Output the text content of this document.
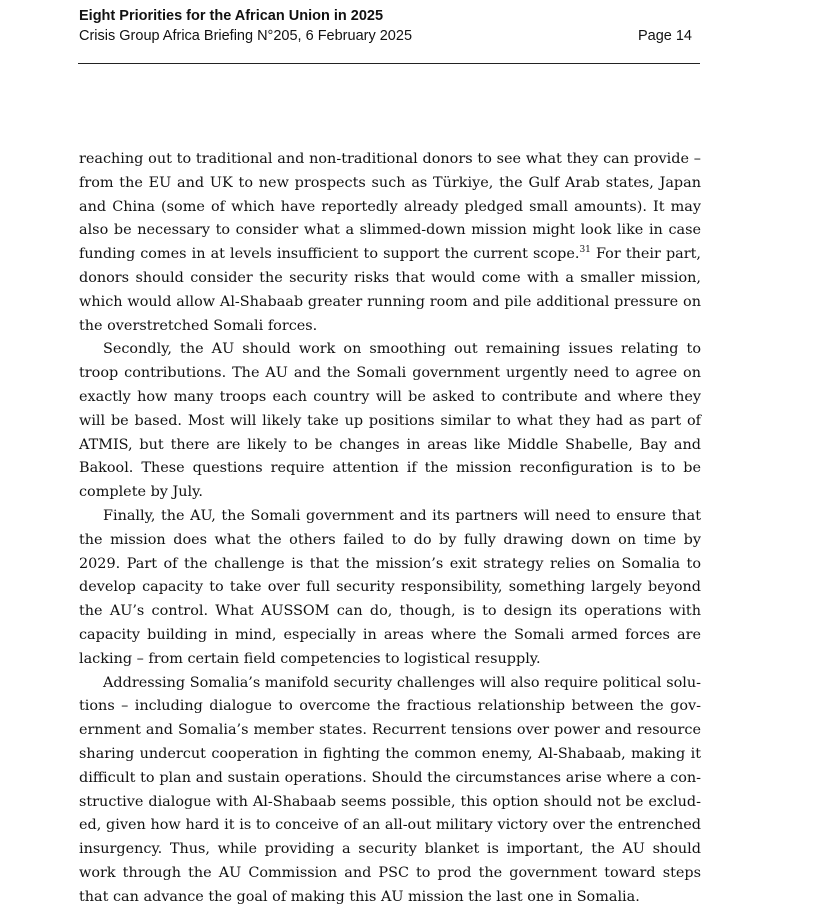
Eight Priorities for the African Union in 2025
Crisis Group Africa Briefing N°205, 6 February 2025	Page 14

reaching out to traditional and non-traditional donors to see what they can provide – from the EU and UK to new prospects such as Türkiye, the Gulf Arab states, Japan and China (some of which have reportedly already pledged small amounts). It may also be necessary to consider what a slimmed-down mission might look like in case funding comes in at levels insufficient to support the current scope.$^{31}$ For their part, donors should consider the security risks that would come with a smaller mission, which would allow Al-Shabaab greater running room and pile additional pressure on the overstretched Somali forces.

Secondly, the AU should work on smoothing out remaining issues relating to troop contributions. The AU and the Somali government urgently need to agree on exactly how many troops each country will be asked to contribute and where they will be based. Most will likely take up positions similar to what they had as part of ATMIS, but there are likely to be changes in areas like Middle Shabelle, Bay and Bakool. These questions require attention if the mission reconfiguration is to be complete by July.

Finally, the AU, the Somali government and its partners will need to ensure that the mission does what the others failed to do by fully drawing down on time by 2029. Part of the challenge is that the mission’s exit strategy relies on Somalia to develop capacity to take over full security responsibility, something largely beyond the AU’s control. What AUSSOM can do, though, is to design its operations with capacity building in mind, especially in areas where the Somali armed forces are lacking – from certain field competencies to logistical resupply.

Addressing Somalia’s manifold security challenges will also require political solutions – including dialogue to overcome the fractious relationship between the government and Somalia’s member states. Recurrent tensions over power and resource sharing undercut cooperation in fighting the common enemy, Al-Shabaab, making it difficult to plan and sustain operations. Should the circumstances arise where a constructive dialogue with Al-Shabaab seems possible, this option should not be excluded, given how hard it is to conceive of an all-out military victory over the entrenched insurgency. Thus, while providing a security blanket is important, the AU should work through the AU Commission and PSC to prod the government toward steps that can advance the goal of making this AU mission the last one in Somalia.
